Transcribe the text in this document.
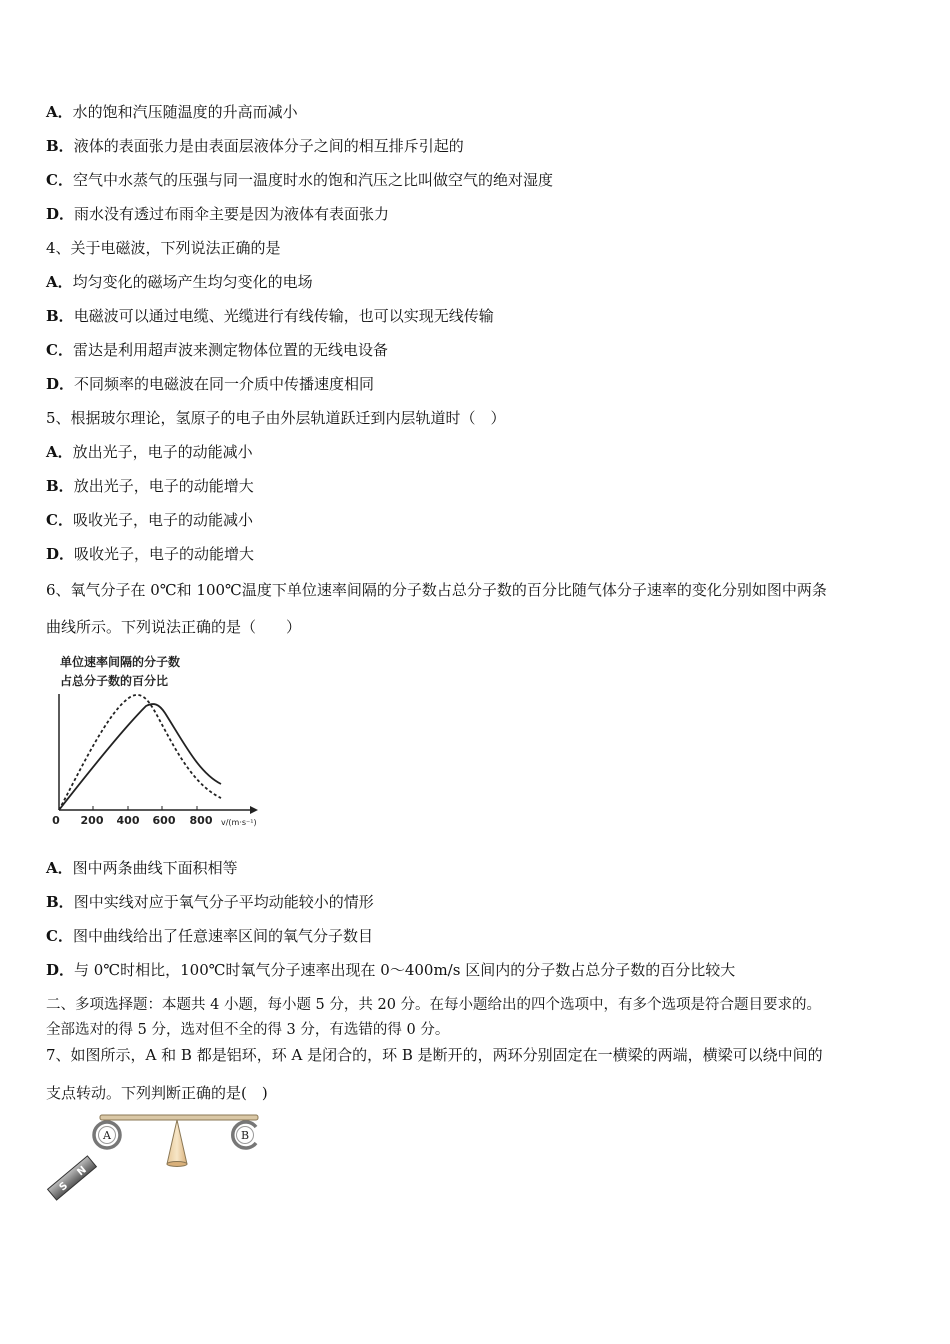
A．水的饱和汽压随温度的升高而减小
B．液体的表面张力是由表面层液体分子之间的相互排斥引起的
C．空气中水蒸气的压强与同一温度时水的饱和汽压之比叫做空气的绝对湿度
D．雨水没有透过布雨伞主要是因为液体有表面张力
4、关于电磁波，下列说法正确的是
A．均匀变化的磁场产生均匀变化的电场
B．电磁波可以通过电缆、光缆进行有线传输，也可以实现无线传输
C．雷达是利用超声波来测定物体位置的无线电设备
D．不同频率的电磁波在同一介质中传播速度相同
5、根据玻尔理论，氢原子的电子由外层轨道跃迁到内层轨道时（　）
A．放出光子，电子的动能减小
B．放出光子，电子的动能增大
C．吸收光子，电子的动能减小
D．吸收光子，电子的动能增大
6、氧气分子在 0℃和 100℃温度下单位速率间隔的分子数占总分子数的百分比随气体分子速率的变化分别如图中两条
曲线所示。下列说法正确的是（　　）
单位速率间隔的分子数
占总分子数的百分比
0 200 400 600 800 v/(m·s⁻¹)
A．图中两条曲线下面积相等
B．图中实线对应于氧气分子平均动能较小的情形
C．图中曲线给出了任意速率区间的氧气分子数目
D．与 0℃时相比，100℃时氧气分子速率出现在 0～400m/s 区间内的分子数占总分子数的百分比较大
二、多项选择题：本题共 4 小题，每小题 5 分，共 20 分。在每小题给出的四个选项中，有多个选项是符合题目要求的。
全部选对的得 5 分，选对但不全的得 3 分，有选错的得 0 分。
7、如图所示，A 和 B 都是铝环，环 A 是闭合的，环 B 是断开的，两环分别固定在一横梁的两端，横梁可以绕中间的
支点转动。下列判断正确的是(　)
A	B
S
N
